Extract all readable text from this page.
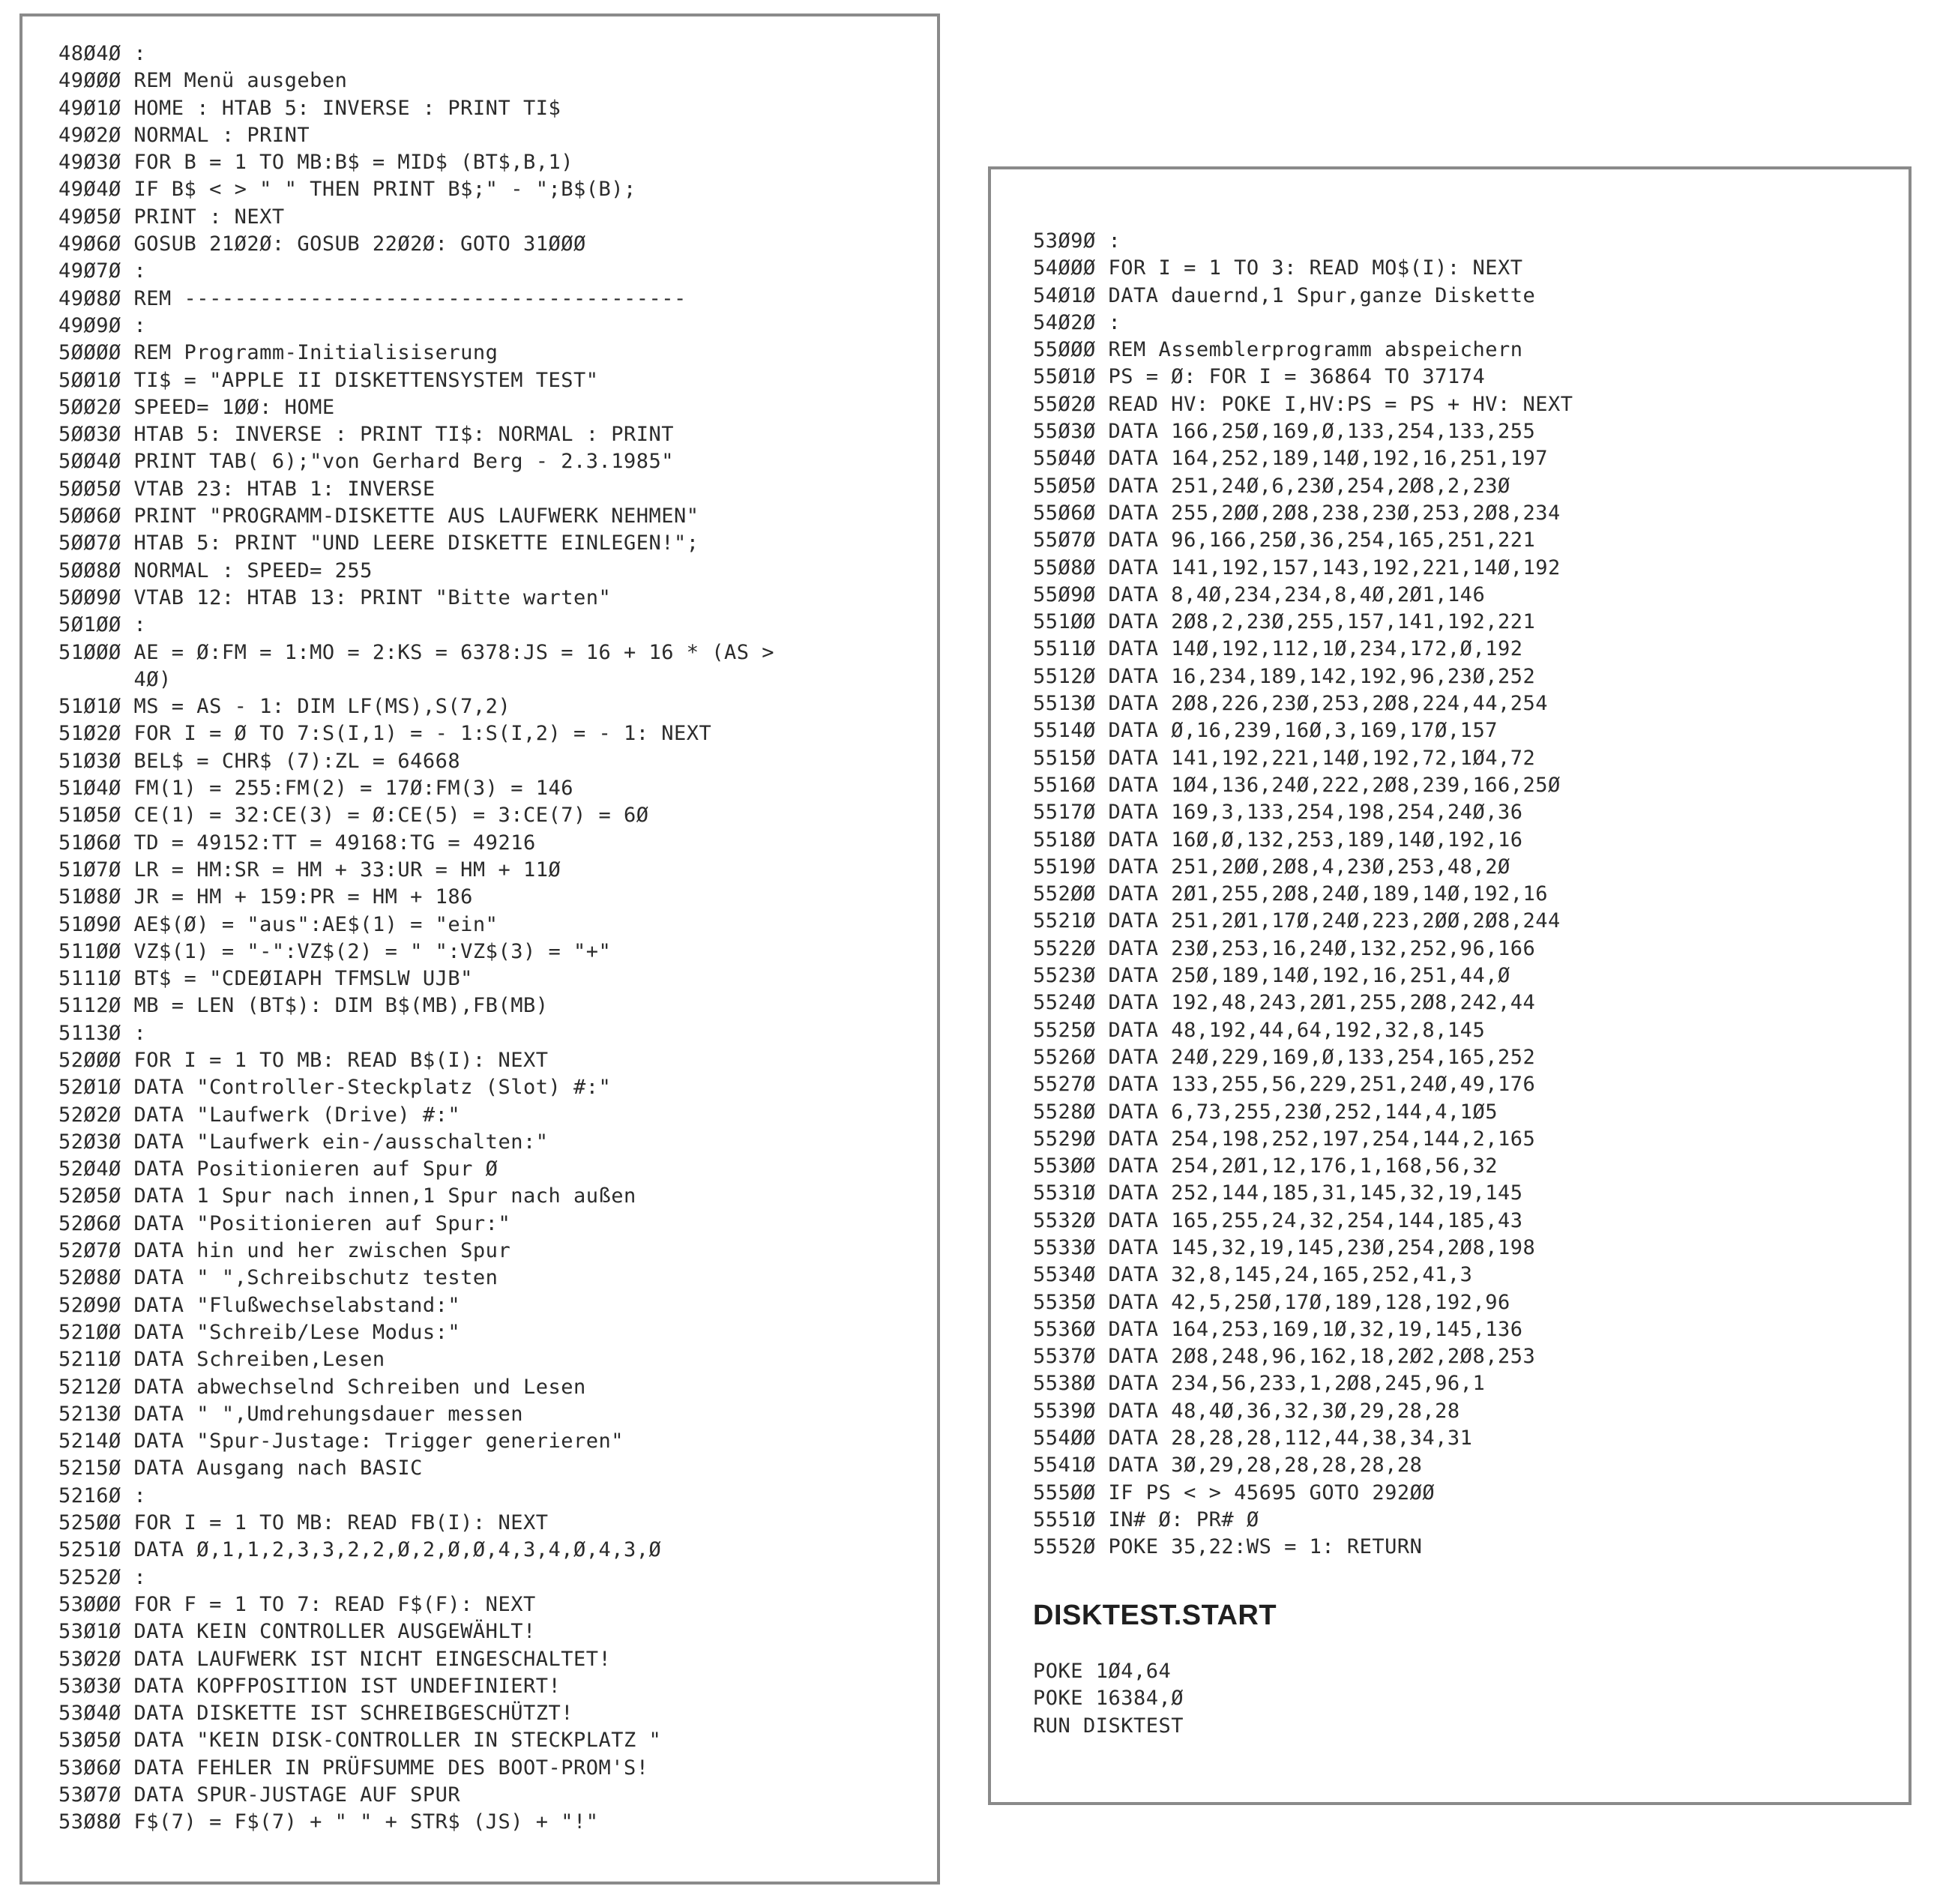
48Ø4Ø :
49ØØØ REM Menü ausgeben
49Ø1Ø HOME : HTAB 5: INVERSE : PRINT TI$
49Ø2Ø NORMAL : PRINT
49Ø3Ø FOR B = 1 TO MB:B$ = MID$ (BT$,B,1)
49Ø4Ø IF B$ < > " " THEN PRINT B$;" - ";B$(B);
49Ø5Ø PRINT : NEXT
49Ø6Ø GOSUB 21Ø2Ø: GOSUB 22Ø2Ø: GOTO 31ØØØ
49Ø7Ø :
49Ø8Ø REM ----------------------------------------
49Ø9Ø :
5ØØØØ REM Programm-Initialisiserung
5ØØ1Ø TI$ = "APPLE II DISKETTENSYSTEM TEST"
5ØØ2Ø SPEED= 1ØØ: HOME
5ØØ3Ø HTAB 5: INVERSE : PRINT TI$: NORMAL : PRINT
5ØØ4Ø PRINT TAB( 6);"von Gerhard Berg - 2.3.1985"
5ØØ5Ø VTAB 23: HTAB 1: INVERSE
5ØØ6Ø PRINT "PROGRAMM-DISKETTE AUS LAUFWERK NEHMEN"
5ØØ7Ø HTAB 5: PRINT "UND LEERE DISKETTE EINLEGEN!";
5ØØ8Ø NORMAL : SPEED= 255
5ØØ9Ø VTAB 12: HTAB 13: PRINT "Bitte warten"
5Ø1ØØ :
51ØØØ AE = Ø:FM = 1:MO = 2:KS = 6378:JS = 16 + 16 * (AS >
4Ø)
51Ø1Ø MS = AS - 1: DIM LF(MS),S(7,2)
51Ø2Ø FOR I = Ø TO 7:S(I,1) = - 1:S(I,2) = - 1: NEXT
51Ø3Ø BEL$ = CHR$ (7):ZL = 64668
51Ø4Ø FM(1) = 255:FM(2) = 17Ø:FM(3) = 146
51Ø5Ø CE(1) = 32:CE(3) = Ø:CE(5) = 3:CE(7) = 6Ø
51Ø6Ø TD = 49152:TT = 49168:TG = 49216
51Ø7Ø LR = HM:SR = HM + 33:UR = HM + 11Ø
51Ø8Ø JR = HM + 159:PR = HM + 186
51Ø9Ø AE$(Ø) = "aus":AE$(1) = "ein"
511ØØ VZ$(1) = "-":VZ$(2) = " ":VZ$(3) = "+"
5111Ø BT$ = "CDEØIAPH TFMSLW UJB"
5112Ø MB = LEN (BT$): DIM B$(MB),FB(MB)
5113Ø :
52ØØØ FOR I = 1 TO MB: READ B$(I): NEXT
52Ø1Ø DATA "Controller-Steckplatz (Slot) #:"
52Ø2Ø DATA "Laufwerk (Drive) #:"
52Ø3Ø DATA "Laufwerk ein-/ausschalten:"
52Ø4Ø DATA Positionieren auf Spur Ø
52Ø5Ø DATA 1 Spur nach innen,1 Spur nach außen
52Ø6Ø DATA "Positionieren auf Spur:"
52Ø7Ø DATA hin und her zwischen Spur
52Ø8Ø DATA " ",Schreibschutz testen
52Ø9Ø DATA "Flußwechselabstand:"
521ØØ DATA "Schreib/Lese Modus:"
5211Ø DATA Schreiben,Lesen
5212Ø DATA abwechselnd Schreiben und Lesen
5213Ø DATA " ",Umdrehungsdauer messen
5214Ø DATA "Spur-Justage: Trigger generieren"
5215Ø DATA Ausgang nach BASIC
5216Ø :
525ØØ FOR I = 1 TO MB: READ FB(I): NEXT
5251Ø DATA Ø,1,1,2,3,3,2,2,Ø,2,Ø,Ø,4,3,4,Ø,4,3,Ø
5252Ø :
53ØØØ FOR F = 1 TO 7: READ F$(F): NEXT
53Ø1Ø DATA KEIN CONTROLLER AUSGEWÄHLT!
53Ø2Ø DATA LAUFWERK IST NICHT EINGESCHALTET!
53Ø3Ø DATA KOPFPOSITION IST UNDEFINIERT!
53Ø4Ø DATA DISKETTE IST SCHREIBGESCHÜTZT!
53Ø5Ø DATA "KEIN DISK-CONTROLLER IN STECKPLATZ "
53Ø6Ø DATA FEHLER IN PRÜFSUMME DES BOOT-PROM'S!
53Ø7Ø DATA SPUR-JUSTAGE AUF SPUR
53Ø8Ø F$(7) = F$(7) + " " + STR$ (JS) + "!"
53Ø9Ø :
54ØØØ FOR I = 1 TO 3: READ MO$(I): NEXT
54Ø1Ø DATA dauernd,1 Spur,ganze Diskette
54Ø2Ø :
55ØØØ REM Assemblerprogramm abspeichern
55Ø1Ø PS = Ø: FOR I = 36864 TO 37174
55Ø2Ø READ HV: POKE I,HV:PS = PS + HV: NEXT
55Ø3Ø DATA 166,25Ø,169,Ø,133,254,133,255
55Ø4Ø DATA 164,252,189,14Ø,192,16,251,197
55Ø5Ø DATA 251,24Ø,6,23Ø,254,2Ø8,2,23Ø
55Ø6Ø DATA 255,2ØØ,2Ø8,238,23Ø,253,2Ø8,234
55Ø7Ø DATA 96,166,25Ø,36,254,165,251,221
55Ø8Ø DATA 141,192,157,143,192,221,14Ø,192
55Ø9Ø DATA 8,4Ø,234,234,8,4Ø,2Ø1,146
551ØØ DATA 2Ø8,2,23Ø,255,157,141,192,221
5511Ø DATA 14Ø,192,112,1Ø,234,172,Ø,192
5512Ø DATA 16,234,189,142,192,96,23Ø,252
5513Ø DATA 2Ø8,226,23Ø,253,2Ø8,224,44,254
5514Ø DATA Ø,16,239,16Ø,3,169,17Ø,157
5515Ø DATA 141,192,221,14Ø,192,72,1Ø4,72
5516Ø DATA 1Ø4,136,24Ø,222,2Ø8,239,166,25Ø
5517Ø DATA 169,3,133,254,198,254,24Ø,36
5518Ø DATA 16Ø,Ø,132,253,189,14Ø,192,16
5519Ø DATA 251,2ØØ,2Ø8,4,23Ø,253,48,2Ø
552ØØ DATA 2Ø1,255,2Ø8,24Ø,189,14Ø,192,16
5521Ø DATA 251,2Ø1,17Ø,24Ø,223,2ØØ,2Ø8,244
5522Ø DATA 23Ø,253,16,24Ø,132,252,96,166
5523Ø DATA 25Ø,189,14Ø,192,16,251,44,Ø
5524Ø DATA 192,48,243,2Ø1,255,2Ø8,242,44
5525Ø DATA 48,192,44,64,192,32,8,145
5526Ø DATA 24Ø,229,169,Ø,133,254,165,252
5527Ø DATA 133,255,56,229,251,24Ø,49,176
5528Ø DATA 6,73,255,23Ø,252,144,4,1Ø5
5529Ø DATA 254,198,252,197,254,144,2,165
553ØØ DATA 254,2Ø1,12,176,1,168,56,32
5531Ø DATA 252,144,185,31,145,32,19,145
5532Ø DATA 165,255,24,32,254,144,185,43
5533Ø DATA 145,32,19,145,23Ø,254,2Ø8,198
5534Ø DATA 32,8,145,24,165,252,41,3
5535Ø DATA 42,5,25Ø,17Ø,189,128,192,96
5536Ø DATA 164,253,169,1Ø,32,19,145,136
5537Ø DATA 2Ø8,248,96,162,18,2Ø2,2Ø8,253
5538Ø DATA 234,56,233,1,2Ø8,245,96,1
5539Ø DATA 48,4Ø,36,32,3Ø,29,28,28
554ØØ DATA 28,28,28,112,44,38,34,31
5541Ø DATA 3Ø,29,28,28,28,28,28
555ØØ IF PS < > 45695 GOTO 292ØØ
5551Ø IN# Ø: PR# Ø
5552Ø POKE 35,22:WS = 1: RETURN
DISKTEST.START
POKE 1Ø4,64
POKE 16384,Ø
RUN DISKTEST
